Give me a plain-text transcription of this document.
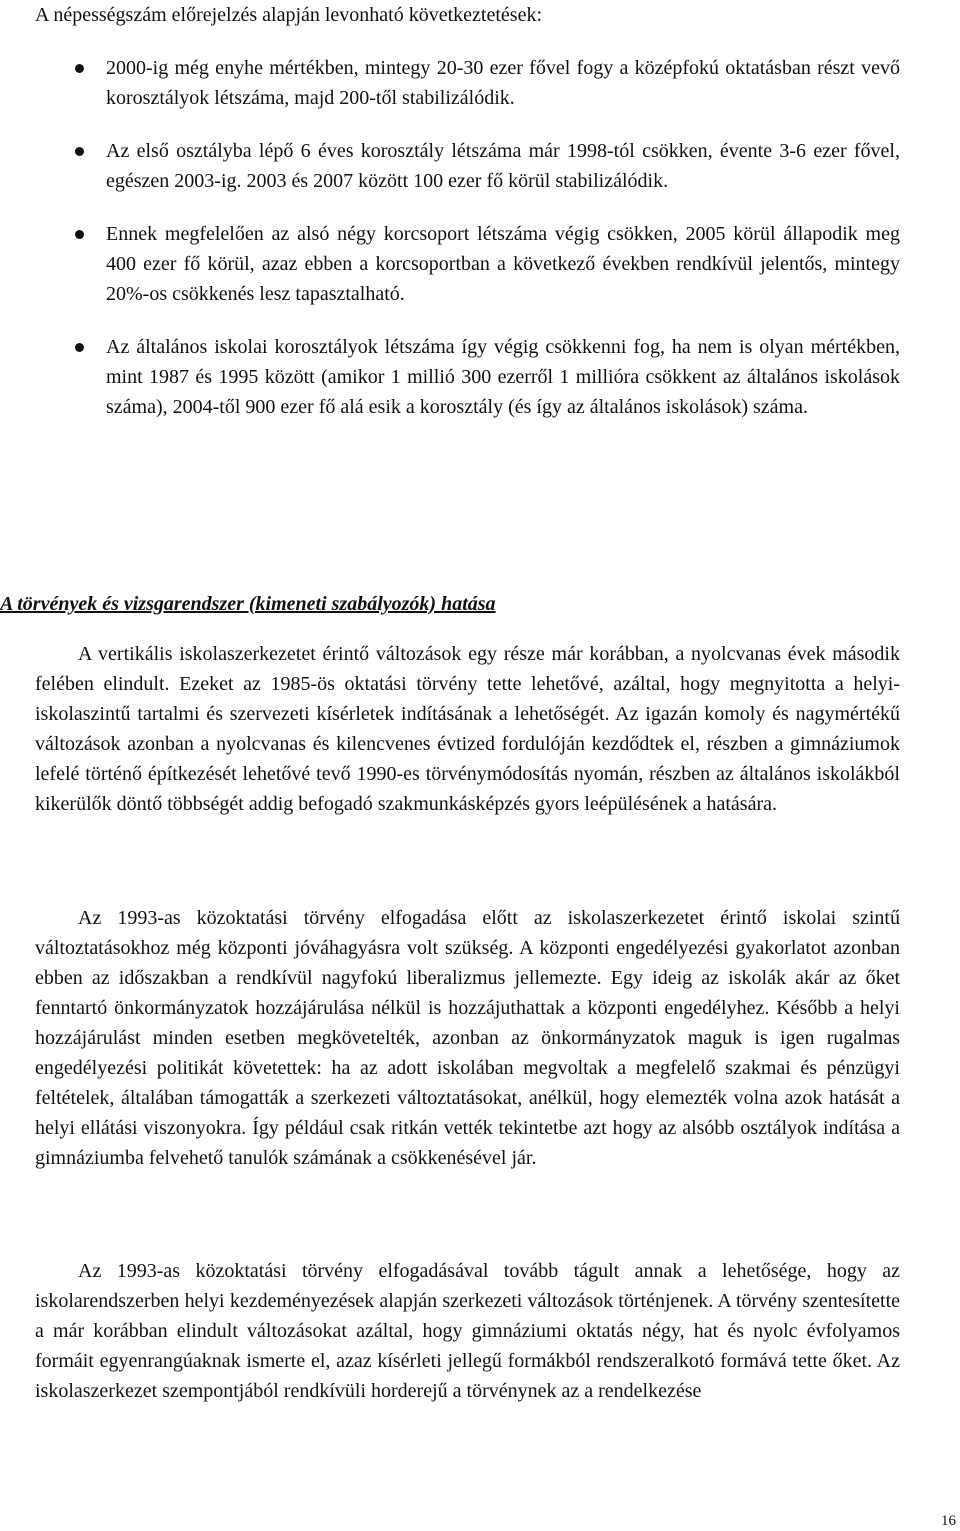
A népességszám előrejelzés alapján levonható következtetések:

2000-ig még enyhe mértékben, mintegy 20-30 ezer fővel fogy a középfokú oktatásban részt vevő korosztályok létszáma, majd 200-től stabilizálódik.
Az első osztályba lépő 6 éves korosztály létszáma már 1998-tól csökken, évente 3-6 ezer fővel, egészen 2003-ig. 2003 és 2007 között 100 ezer fő körül stabilizálódik.
Ennek megfelelően az alsó négy korcsoport létszáma végig csökken, 2005 körül állapodik meg 400 ezer fő körül, azaz ebben a korcsoportban a következő években rendkívül jelentős, mintegy 20%-os csökkenés lesz tapasztalható.
Az általános iskolai korosztályok létszáma így végig csökkenni fog, ha nem is olyan mértékben, mint 1987 és 1995 között (amikor 1 millió 300 ezerről 1 millióra csökkent az általános iskolások száma), 2004-től 900 ezer fő alá esik a korosztály (és így az általános iskolások) száma.
A törvények és vizsgarendszer (kimeneti szabályozók) hatása

A vertikális iskolaszerkezetet érintő változások egy része már korábban, a nyolcvanas évek második felében elindult. Ezeket az 1985-ös oktatási törvény tette lehetővé, azáltal, hogy megnyitotta a helyi-iskolaszintű tartalmi és szervezeti kísérletek indításának a lehetőségét. Az igazán komoly és nagymértékű változások azonban a nyolcvanas és kilencvenes évtized fordulóján kezdődtek el, részben a gimnáziumok lefelé történő építkezését lehetővé tevő 1990-es törvénymódosítás nyomán, részben az általános iskolákból kikerülők döntő többségét addig befogadó szakmunkásképzés gyors leépülésének a hatására.

Az 1993-as közoktatási törvény elfogadása előtt az iskolaszerkezetet érintő iskolai szintű változtatásokhoz még központi jóváhagyásra volt szükség. A központi engedélyezési gyakorlatot azonban ebben az időszakban a rendkívül nagyfokú liberalizmus jellemezte. Egy ideig az iskolák akár az őket fenntartó önkormányzatok hozzájárulása nélkül is hozzájuthattak a központi engedélyhez. Később a helyi hozzájárulást minden esetben megkövetelték, azonban az önkormányzatok maguk is igen rugalmas engedélyezési politikát követettek: ha az adott iskolában megvoltak a megfelelő szakmai és pénzügyi feltételek, általában támogatták a szerkezeti változtatásokat, anélkül, hogy elemezték volna azok hatását a helyi ellátási viszonyokra. Így például csak ritkán vették tekintetbe azt hogy az alsóbb osztályok indítása a gimnáziumba felvehető tanulók számának a csökkenésével jár.

Az 1993-as közoktatási törvény elfogadásával tovább tágult annak a lehetősége, hogy az iskolarendszerben helyi kezdeményezések alapján szerkezeti változások történjenek. A törvény szentesítette a már korábban elindult változásokat azáltal, hogy gimnáziumi oktatás négy, hat és nyolc évfolyamos formáit egyenrangúaknak ismerte el, azaz kísérleti jellegű formákból rendszeralkotó formává tette őket. Az iskolaszerkezet szempontjából rendkívüli horderejű a törvénynek az a rendelkezése

16
